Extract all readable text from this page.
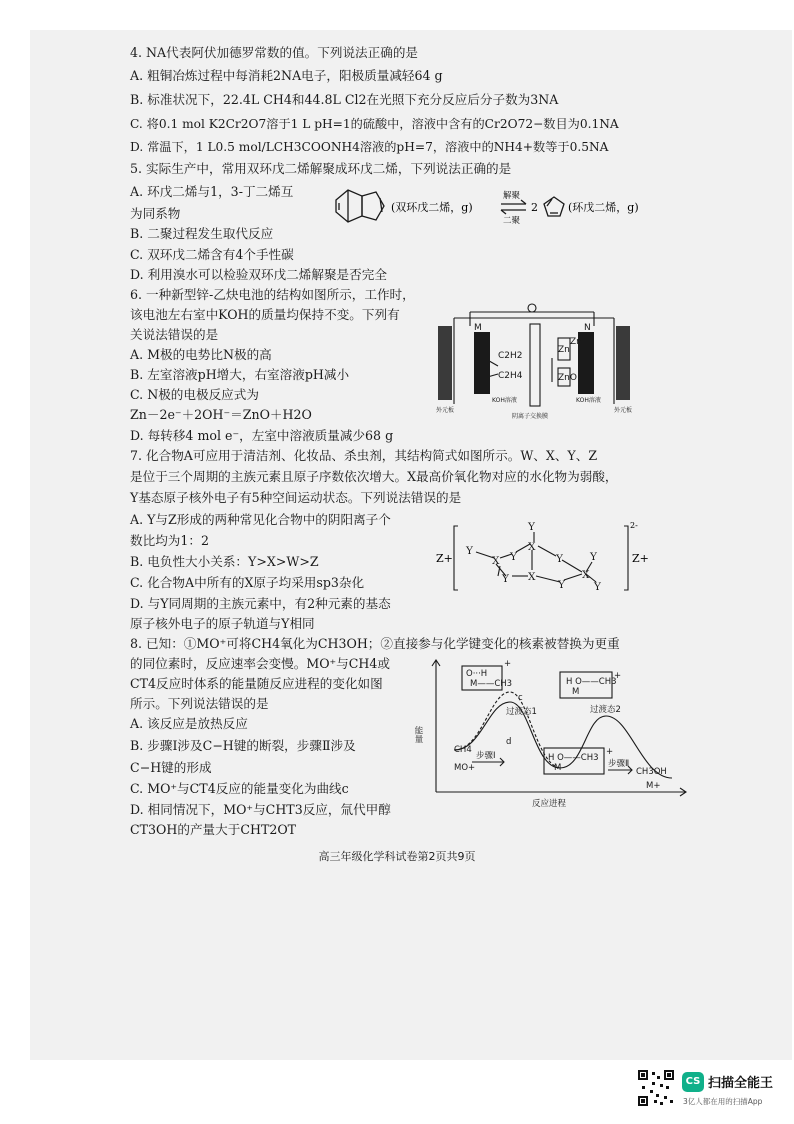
4. NA代表阿伏加德罗常数的值。下列说法正确的是
A. 粗铜冶炼过程中每消耗2NA电子，阳极质量减轻64 g
B. 标准状况下，22.4L CH4和44.8L Cl2在光照下充分反应后分子数为3NA
C. 将0.1 mol K2Cr2O7溶于1 L pH=1的硫酸中，溶液中含有的Cr2O72−数目为0.1NA
D. 常温下，1 L0.5 mol/LCH3COONH4溶液的pH=7，溶液中的NH4+数等于0.5NA
5. 实际生产中，常用双环戊二烯解聚成环戊二烯，下列说法正确的是
A. 环戊二烯与1，3-丁二烯互
为同系物
B. 二聚过程发生取代反应
C. 双环戊二烯含有4个手性碳
D. 利用溴水可以检验双环戊二烯解聚是否完全
(双环戊二烯，g)
解聚
二聚
2	(环戊二烯，g)
6. 一种新型锌-乙炔电池的结构如图所示，工作时，
该电池左右室中KOH的质量均保持不变。下列有
关说法错误的是
A. M极的电势比N极的高
B. 左室溶液pH增大，右室溶液pH减小
C. N极的电极反应式为
Zn－2e⁻＋2OH⁻＝ZnO＋H2O
D. 每转移4 mol e⁻，左室中溶液质量减少68 g
M	N
C2H2
C2H4
Zn
Zn
ZnO
KOH溶液	KOH溶液
阴离子交换膜
外元板	外元板
7. 化合物A可应用于清洁剂、化妆品、杀虫剂，其结构简式如图所示。W、X、Y、Z
是位于三个周期的主族元素且原子序数依次增大。X最高价氧化物对应的水化物为弱酸，
Y基态原子核外电子有5种空间运动状态。下列说法错误的是
A. Y与Z形成的两种常见化合物中的阴阳离子个
数比均为1：2
B. 电负性大小关系：Y>X>W>Z
C. 化合物A中所有的X原子均采用sp3杂化
D. 与Y同周期的主族元素中，有2种元素的基态
原子核外电子的原子轨道与Y相同
Y
X Y
X
Y
Y
Y X
Y
X
Y
Y
Z+	Z+
2-
8. 已知：①MO⁺可将CH4氧化为CH3OH；②直接参与化学键变化的核素被替换为更重
的同位素时，反应速率会变慢。MO⁺与CH4或
CT4反应时体系的能量随反应进程的变化如图
所示。下列说法错误的是
A. 该反应是放热反应
B. 步骤Ⅰ涉及C−H键的断裂，步骤Ⅱ涉及
C−H键的形成
C. MO⁺与CT4反应的能量变化为曲线c
D. 相同情况下，MO⁺与CHT3反应，氚代甲醇
CT3OH的产量大于CHT2OT
O···H
M——CH3	H O——CH3
M
H O——CH3
M
+
+
+
能量
反应进程
过渡态1	过渡态2
c
d
CH4
MO+
步骤Ⅰ
步骤Ⅱ
CH3OH
M+
高三年级化学科试卷第2页共9页
CS 扫描全能王
3亿人都在用的扫描App
